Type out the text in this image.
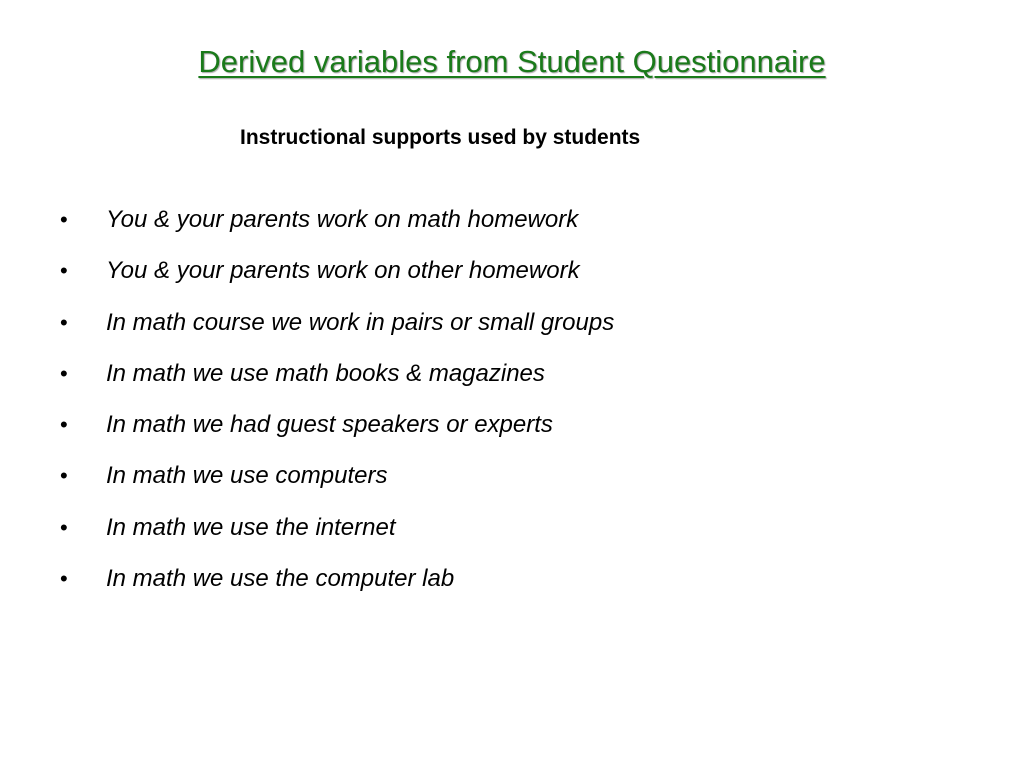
Derived variables from Student Questionnaire
Instructional supports used by students
•	You & your parents work on math homework
•	You & your parents work on other homework
•	In math course we work in pairs or small groups
•	In math we use math books & magazines
•	In math we had guest speakers or experts
•	In math we use computers
•	In math we use the internet
•	In math we use the computer lab
